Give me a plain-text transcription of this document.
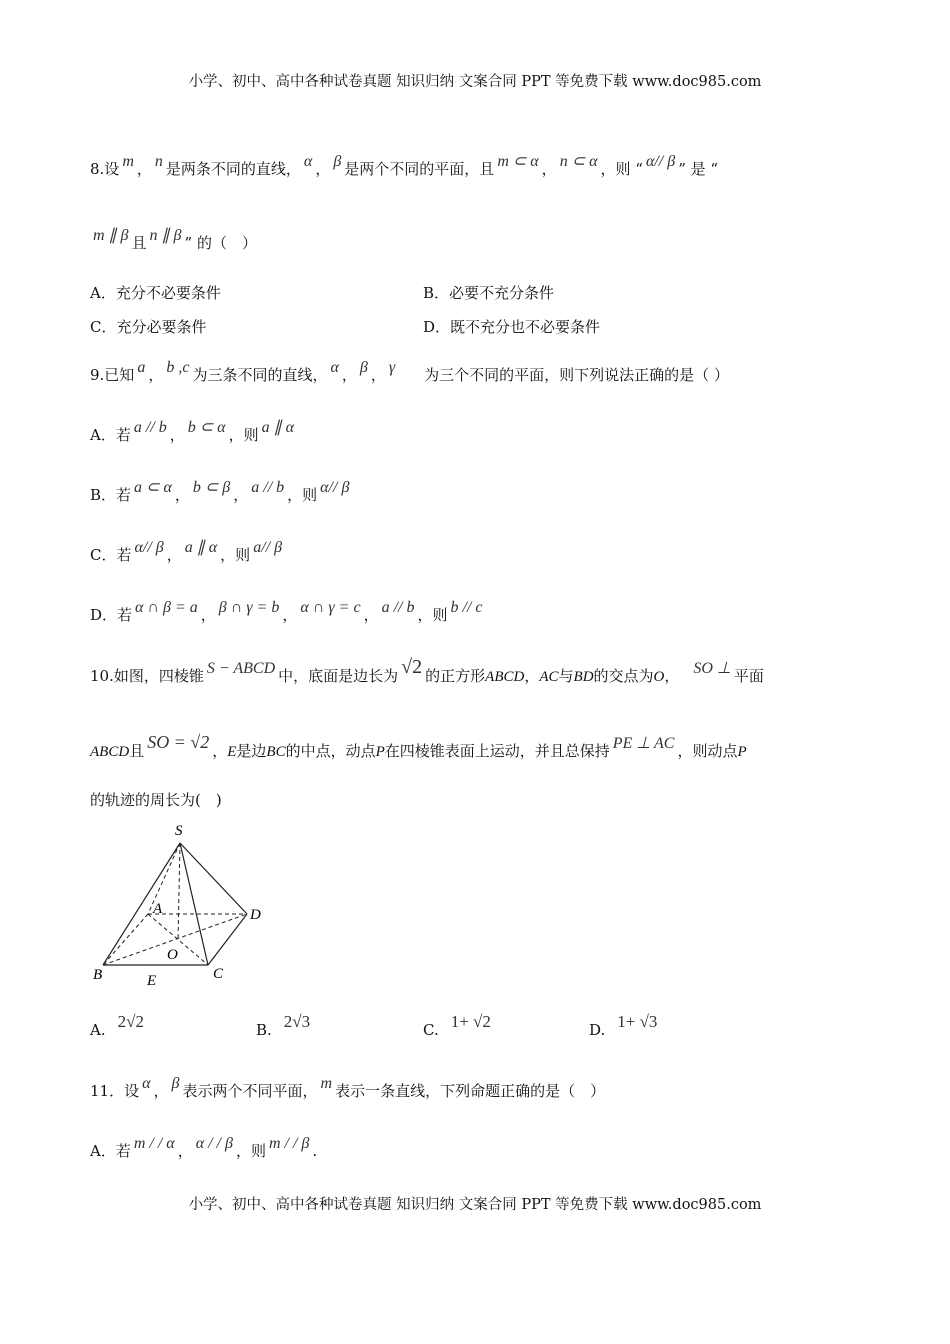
小学、初中、高中各种试卷真题 知识归纳 文案合同 PPT 等免费下载 www.doc985.com
8.设 m ， n 是两条不同的直线， α ， β 是两个不同的平面，且 m ⊂ α ， n ⊂ α ，则 “ α// β ” 是 “
m ∥ β 且 n ∥ β ” 的（　）
A．充分不必要条件	B．必要不充分条件
C．充分必要条件	D．既不充分也不必要条件
9.已知 a ， b ,c 为三条不同的直线， α ， β ， γ 为三个不同的平面，则下列说法正确的是（ ）
A．若 a // b ， b ⊂ α ，则 a ∥ α
B．若 a ⊂ α ， b ⊂ β ， a // b ，则 α// β
C．若 α// β ， a ∥ α ，则 a// β
D．若 α ∩ β = a ， β ∩ γ = b ， α ∩ γ = c ， a // b ，则 b // c
10.如图，四棱锥 S − ABCD 中，底面是边长为 √2 的正方形ABCD，AC与BD的交点为O， SO ⊥ 平面
ABCD且 SO = √2 ，E是边BC的中点，动点P在四棱锥表面上运动，并且总保持 PE ⊥ AC ，则动点P
的轨迹的周长为(　)
S
A	D
O
B	E	C
A. 2√2	B. 2√3	C. 1+ √2	D. 1+ √3
11．设 α ， β 表示两个不同平面， m 表示一条直线，下列命题正确的是（　）
A．若 m / / α ， α / / β ，则 m / / β .
小学、初中、高中各种试卷真题 知识归纳 文案合同 PPT 等免费下载 www.doc985.com
